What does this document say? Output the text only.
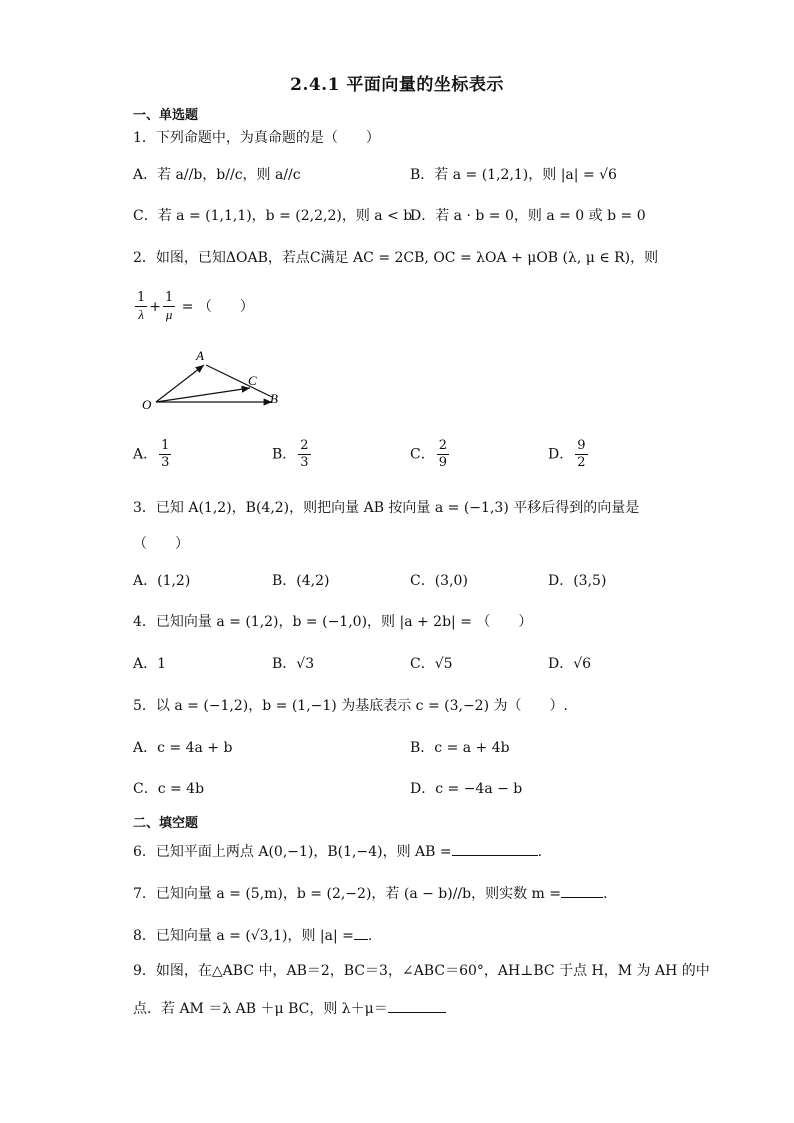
2.4.1 平面向量的坐标表示
一、单选题
1．下列命题中，为真命题的是（　　）
A．若 a//b，b//c，则 a//c	B．若 a = (1,2,1)，则 |a| = √6
C．若 a = (1,1,1)，b = (2,2,2)，则 a < b
D．若 a · b = 0，则 a = 0 或 b = 0
2．如图，已知ΔOAB，若点C满足 AC = 2CB, OC = λOA + μOB (λ, μ ∈ R)，则
$\frac{1}{\lambda} + \frac{1}{\mu}$ = （　　）
O
A
C
B
A． $\frac{1}{3}$	B． $\frac{2}{3}$	C． $\frac{2}{9}$	D． $\frac{9}{2}$
3．已知 A(1,2)，B(4,2)，则把向量 AB 按向量 a = (−1,3) 平移后得到的向量是
（　　）
A．(1,2)	B．(4,2)	C．(3,0)	D．(3,5)
4．已知向量 a = (1,2)，b = (−1,0)，则 |a + 2b| = （　　）
A．1	B．√3	C．√5	D．√6
5．以 a = (−1,2)，b = (1,−1) 为基底表示 c = (3,−2) 为（　　）.
A．c = 4a + b	B．c = a + 4b
C．c = 4b	D．c = −4a − b
二、填空题
6．已知平面上两点 A(0,−1)，B(1,−4)，则 AB =	.
7．已知向量 a = (5,m)，b = (2,−2)，若 (a − b)//b，则实数 m =	.
8．已知向量 a = (√3,1)，则 |a| = .
9．如图，在△ABC 中，AB＝2，BC＝3，∠ABC＝60°，AH⊥BC 于点 H，M 为 AH 的中
点．若 AM ＝λ AB ＋μ BC，则 λ＋μ＝
